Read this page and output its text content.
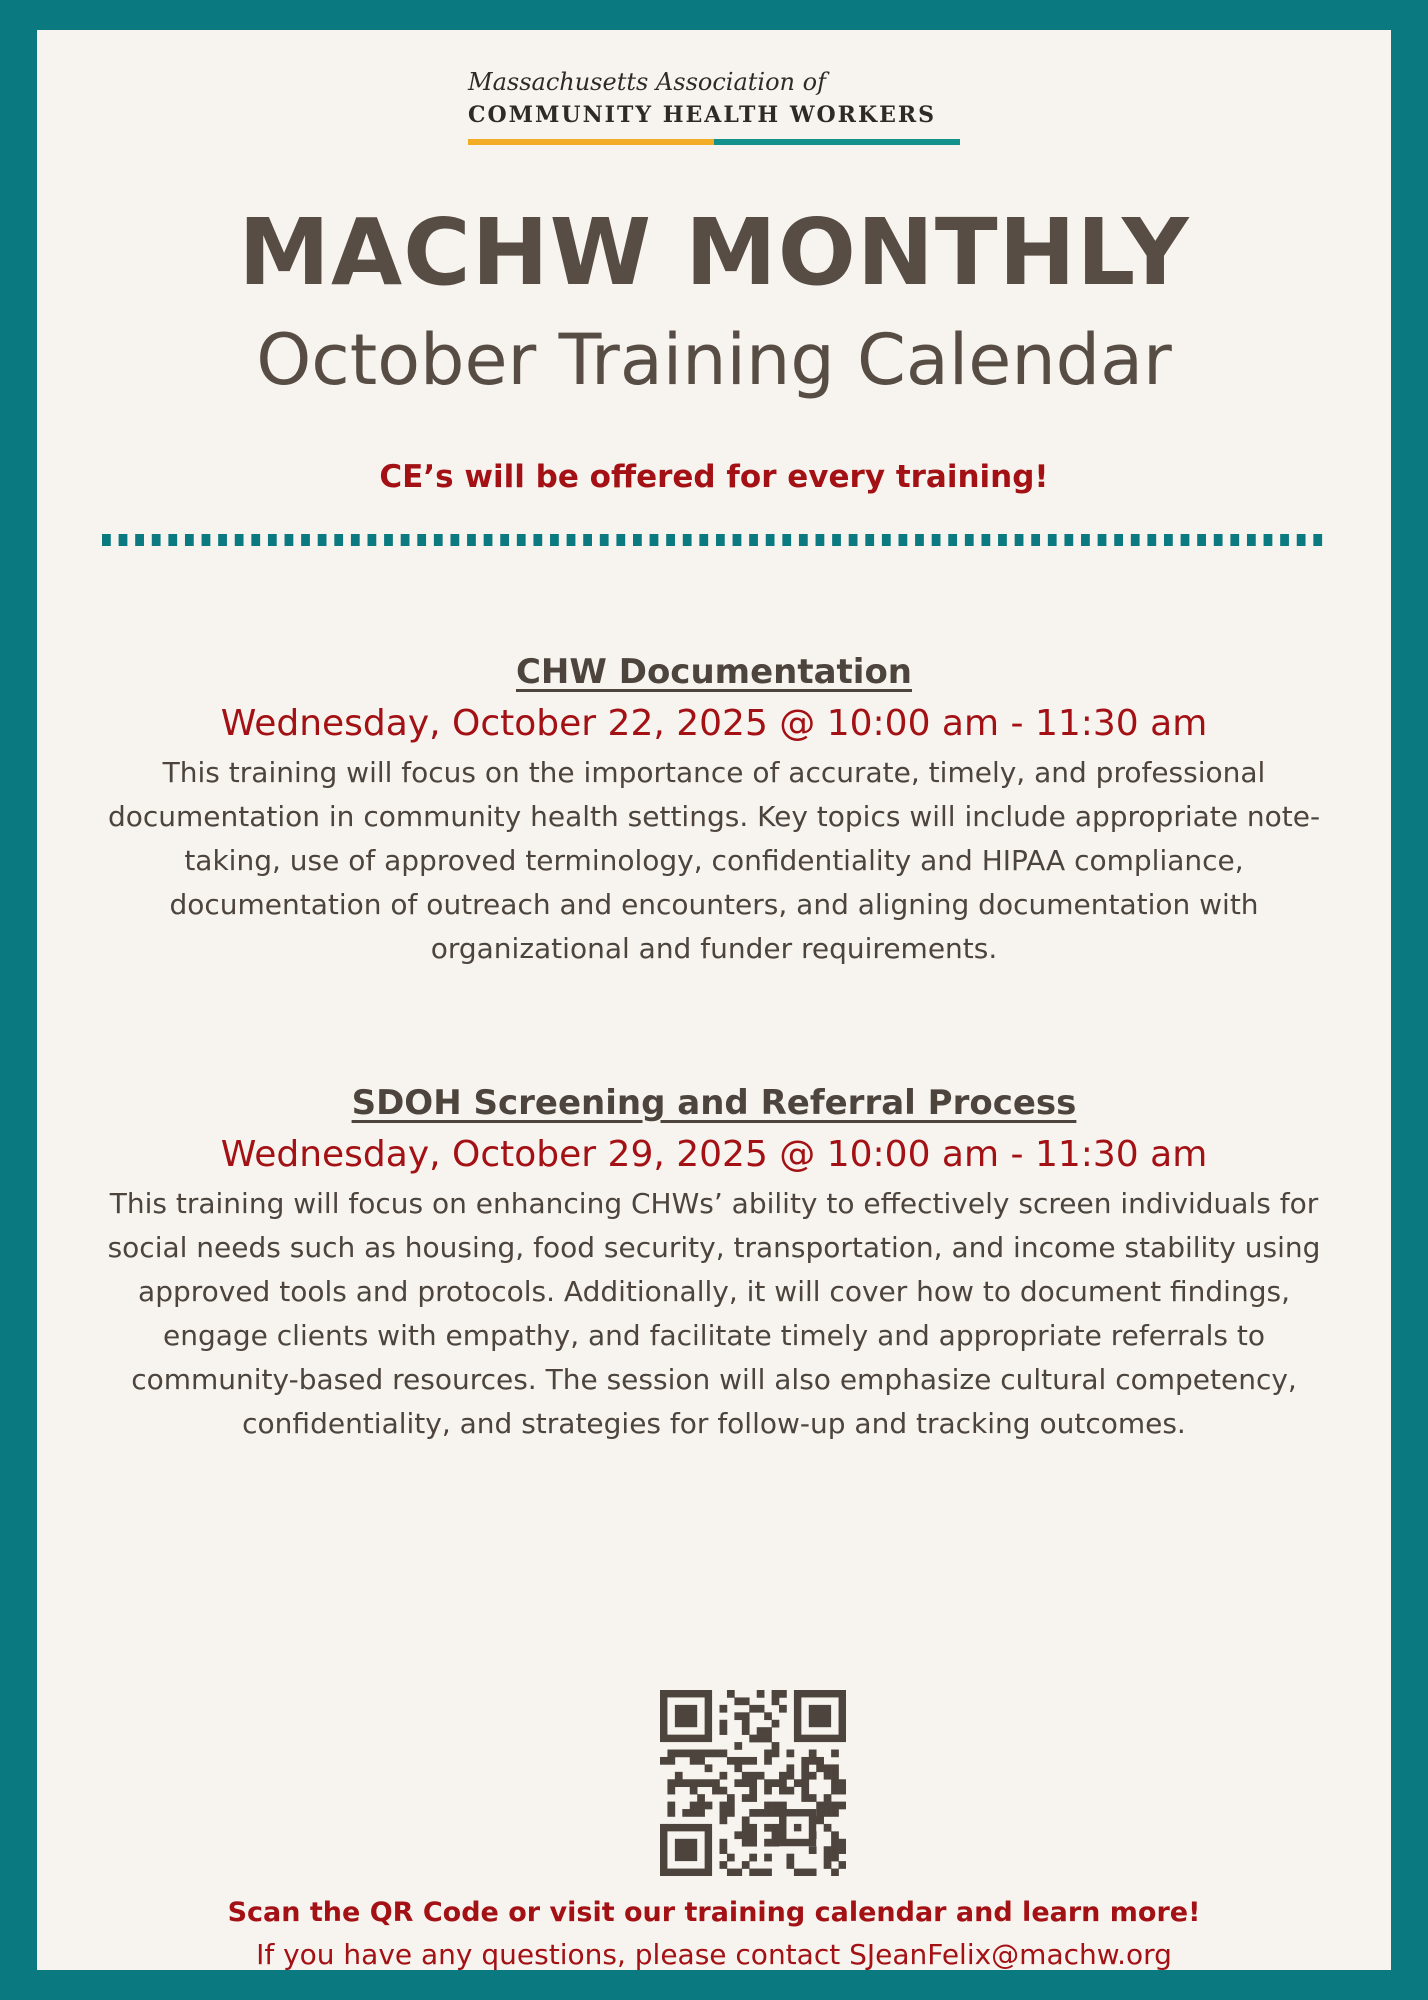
Massachusetts Association of
COMMUNITY HEALTH WORKERS
MACHW MONTHLY
October Training Calendar
CE’s will be offered for every training!
CHW Documentation

Wednesday, October 22, 2025 @ 10:00 am - 11:30 am

This training will focus on the importance of accurate, timely, and professional documentation in community health settings. Key topics will include appropriate note-taking, use of approved terminology, confidentiality and HIPAA compliance, documentation of outreach and encounters, and aligning documentation with organizational and funder requirements.

SDOH Screening and Referral Process

Wednesday, October 29, 2025 @ 10:00 am - 11:30 am

This training will focus on enhancing CHWs’ ability to effectively screen individuals for social needs such as housing, food security, transportation, and income stability using approved tools and protocols. Additionally, it will cover how to document findings, engage clients with empathy, and facilitate timely and appropriate referrals to community-based resources. The session will also emphasize cultural competency, confidentiality, and strategies for follow-up and tracking outcomes.

Scan the QR Code or visit our training calendar and learn more!
If you have any questions, please contact SJeanFelix@machw.org
